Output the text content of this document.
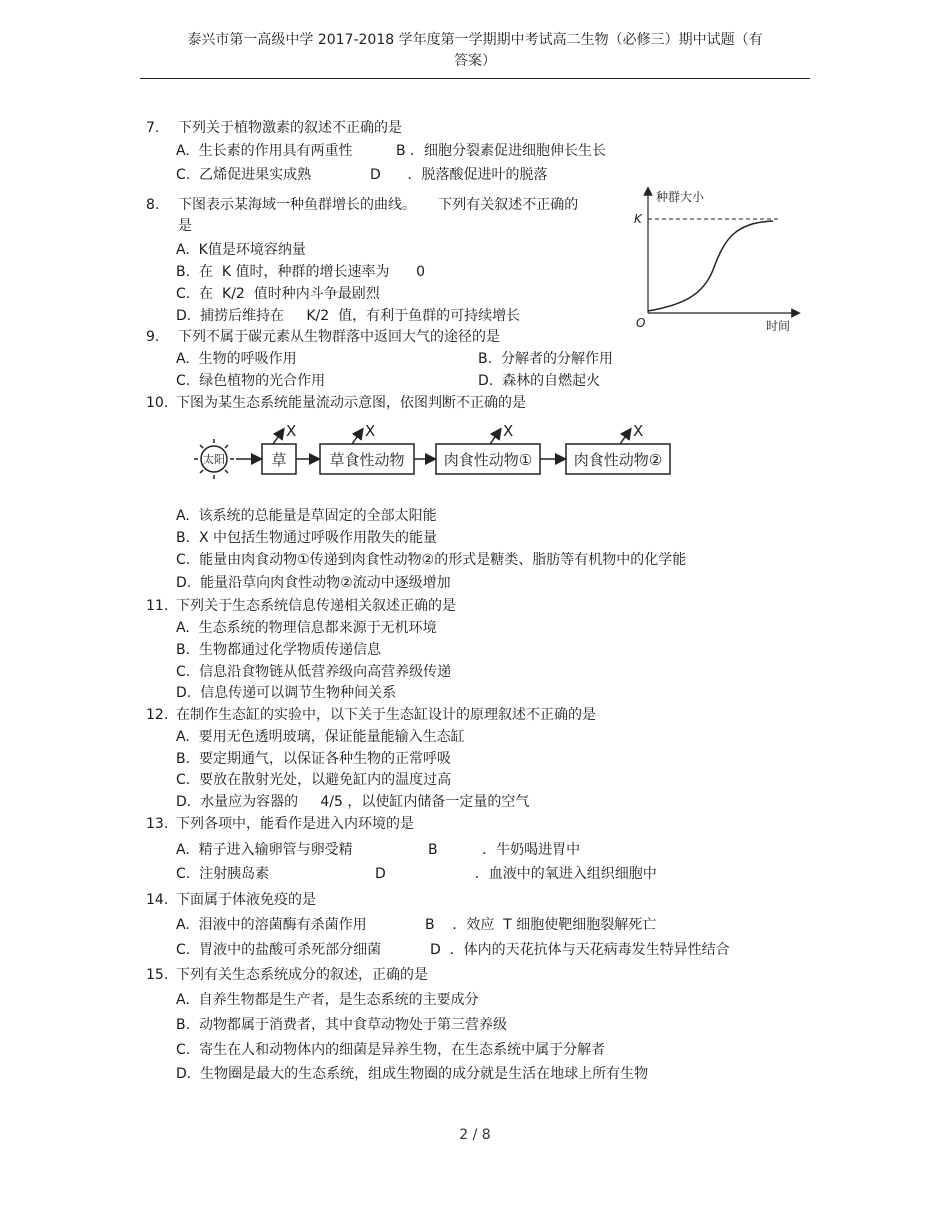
泰兴市第一高级中学 2017-2018 学年度第一学期期中考试高二生物（必修三）期中试题（有
答案）
7. 下列关于植物激素的叙述不正确的是
A.  生长素的作用具有两重性	B ．细胞分裂素促进细胞伸长生长
C.  乙烯促进果实成熟	D      ．脱落酸促进叶的脱落
8. 下图表示某海域一种鱼群增长的曲线。     下列有关叙述不正确的
是
A.  K值是环境容纳量
B.  在  K 值时，种群的增长速率为      0
C.  在  K/2  值时种内斗争最剧烈
D.  捕捞后维持在     K/2  值，有利于鱼群的可持续增长
种群大小
K
O	时间
9. 下列不属于碳元素从生物群落中返回大气的途径的是
A.  生物的呼吸作用	B.  分解者的分解作用
C.  绿色植物的光合作用	D.  森林的自燃起火
10. 下图为某生态系统能量流动示意图，依图判断不正确的是
太阳	草
X
草食性动物
X
肉食性动物①
X
肉食性动物②
X
A.  该系统的总能量是草固定的全部太阳能
B.  X 中包括生物通过呼吸作用散失的能量
C.  能量由肉食动物①传递到肉食性动物②的形式是糖类、脂肪等有机物中的化学能
D.  能量沿草向肉食性动物②流动中逐级增加
11. 下列关于生态系统信息传递相关叙述正确的是
A.  生态系统的物理信息都来源于无机环境
B.  生物都通过化学物质传递信息
C.  信息沿食物链从低营养级向高营养级传递
D.  信息传递可以调节生物种间关系
12. 在制作生态缸的实验中，以下关于生态缸设计的原理叙述不正确的是
A.  要用无色透明玻璃，保证能量能输入生态缸
B.  要定期通气，以保证各种生物的正常呼吸
C.  要放在散射光处，以避免缸内的温度过高
D.  水量应为容器的     4/5 ，以使缸内储备一定量的空气
13. 下列各项中，能看作是进入内环境的是
A.  精子进入输卵管与卵受精	B          ．牛奶喝进胃中
C.  注射胰岛素	D                    ．血液中的氧进入组织细胞中
14. 下面属于体液免疫的是
A.  泪液中的溶菌酶有杀菌作用	B    ．效应  T 细胞使靶细胞裂解死亡
C.  胃液中的盐酸可杀死部分细菌	D  ．体内的天花抗体与天花病毒发生特异性结合
15. 下列有关生态系统成分的叙述，正确的是
A.  自养生物都是生产者，是生态系统的主要成分
B.  动物都属于消费者，其中食草动物处于第三营养级
C.  寄生在人和动物体内的细菌是异养生物，在生态系统中属于分解者
D.  生物圈是最大的生态系统，组成生物圈的成分就是生活在地球上所有生物
2 / 8
